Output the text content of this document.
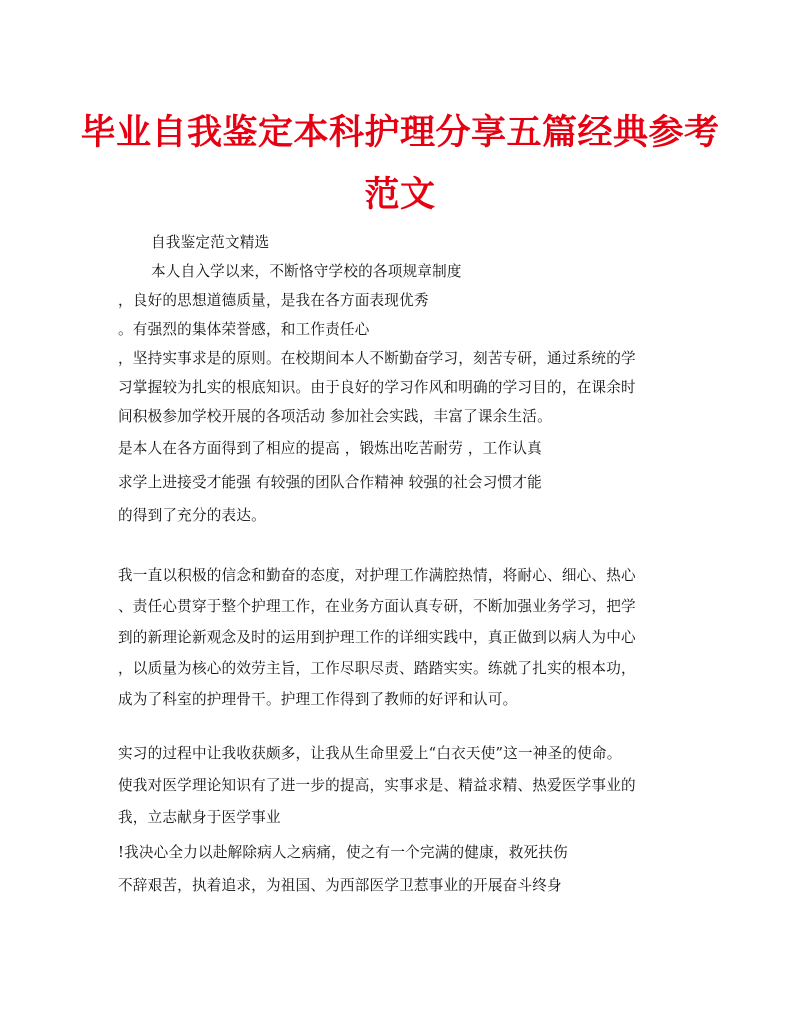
毕业自我鉴定本科护理分享五篇经典参考
范文
自我鉴定范文精选
本人自入学以来，不断恪守学校的各项规章制度
，良好的思想道德质量，是我在各方面表现优秀
。有强烈的集体荣誉感，和工作责任心
，坚持实事求是的原则。在校期间本人不断勤奋学习，刻苦专研，通过系统的学
习掌握较为扎实的根底知识。由于良好的学习作风和明确的学习目的，在课余时
间积极参加学校开展的各项活动 参加社会实践，丰富了课余生活。
是本人在各方面得到了相应的提高 ，锻炼出吃苦耐劳 ，工作认真
求学上进接受才能强 有较强的团队合作精神 较强的社会习惯才能
的得到了充分的表达。
我一直以积极的信念和勤奋的态度，对护理工作满腔热情，将耐心、细心、热心
、责任心贯穿于整个护理工作，在业务方面认真专研，不断加强业务学习，把学
到的新理论新观念及时的运用到护理工作的详细实践中，真正做到以病人为中心
，以质量为核心的效劳主旨，工作尽职尽责、踏踏实实。练就了扎实的根本功，
成为了科室的护理骨干。护理工作得到了教师的好评和认可。
实习的过程中让我收获颇多，让我从生命里爱上“白衣天使”这一神圣的使命。
使我对医学理论知识有了进一步的提高，实事求是、精益求精、热爱医学事业的
我，立志献身于医学事业
!我决心全力以赴解除病人之病痛，使之有一个完满的健康，救死扶伤
不辞艰苦，执着追求，为祖国、为西部医学卫惹事业的开展奋斗终身
